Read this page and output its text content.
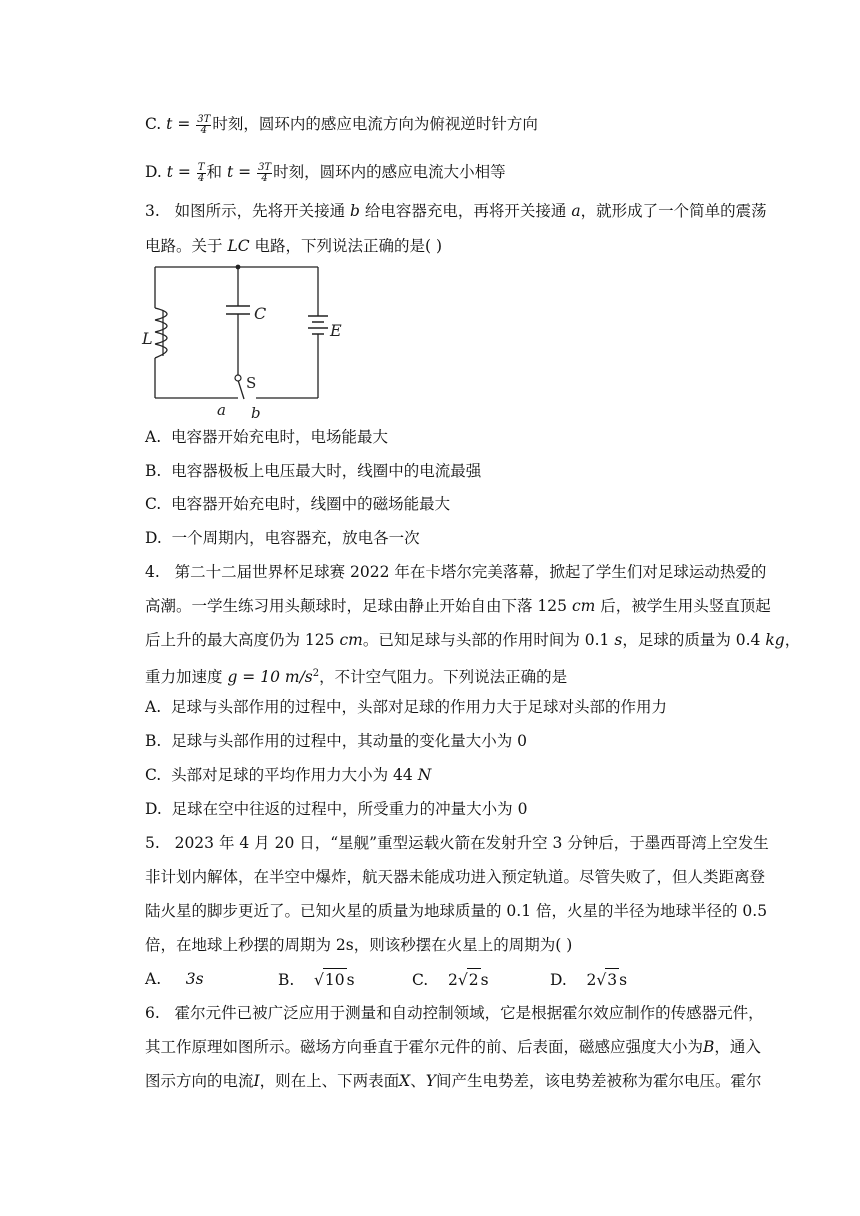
C. $t = \frac{3T}{4}$ 时刻，圆环内的感应电流方向为俯视逆时针方向
D. $t = \frac{T}{4}$ 和 $t = \frac{3T}{4}$ 时刻，圆环内的感应电流大小相等
3. 如图所示，先将开关接通 b 给电容器充电，再将开关接通 a，就形成了一个简单的震荡
电路。关于 LC 电路，下列说法正确的是( )
L
C
E
S
a b
A. 电容器开始充电时，电场能最大
B. 电容器极板上电压最大时，线圈中的电流最强
C. 电容器开始充电时，线圈中的磁场能最大
D. 一个周期内，电容器充，放电各一次
4. 第二十二届世界杯足球赛 2022 年在卡塔尔完美落幕，掀起了学生们对足球运动热爱的
高潮。一学生练习用头颠球时，足球由静止开始自由下落 125 cm 后，被学生用头竖直顶起
后上升的最大高度仍为 125 cm。已知足球与头部的作用时间为 0.1 s，足球的质量为 0.4 kg，
重力加速度 g = 10 $m/s^2$，不计空气阻力。下列说法正确的是
A. 足球与头部作用的过程中，头部对足球的作用力大于足球对头部的作用力
B. 足球与头部作用的过程中，其动量的变化量大小为 0
C. 头部对足球的平均作用力大小为 44 N
D. 足球在空中往返的过程中，所受重力的冲量大小为 0
5. 2023 年 4 月 20 日，“星舰”重型运载火箭在发射升空 3 分钟后，于墨西哥湾上空发生
非计划内解体，在半空中爆炸，航天器未能成功进入预定轨道。尽管失败了，但人类距离登
陆火星的脚步更近了。已知火星的质量为地球质量的 0.1 倍，火星的半径为地球半径的 0.5
倍，在地球上秒摆的周期为 2s，则该秒摆在火星上的周期为( )
A. 3s	B.    √10 s	C. 2√2 s	D. 2√3 s
6. 霍尔元件已被广泛应用于测量和自动控制领域，它是根据霍尔效应制作的传感器元件，
其工作原理如图所示。磁场方向垂直于霍尔元件的前、后表面，磁感应强度大小为B，通入
图示方向的电流I，则在上、下两表面X、Y间产生电势差，该电势差被称为霍尔电压。霍尔
